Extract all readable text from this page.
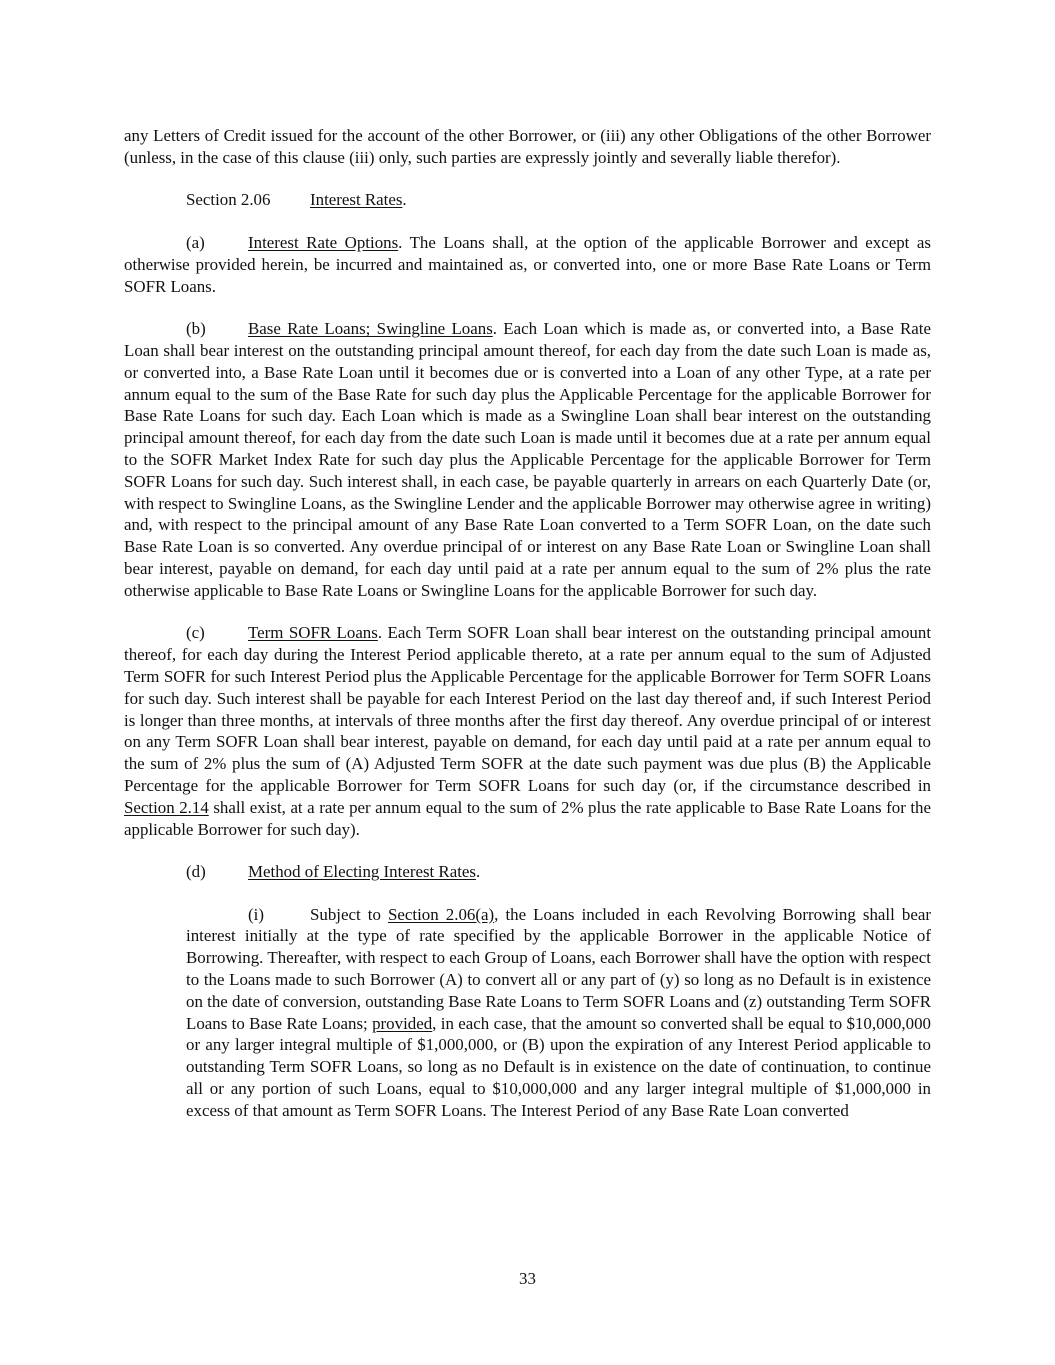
any Letters of Credit issued for the account of the other Borrower, or (iii) any other Obligations of the other Borrower (unless, in the case of this clause (iii) only, such parties are expressly jointly and severally liable therefor).

Section 2.06 Interest Rates.

(a)	Interest Rate Options. The Loans shall, at the option of the applicable Borrower and except as otherwise provided herein, be incurred and maintained as, or converted into, one or more Base Rate Loans or Term SOFR Loans.

(b)	Base Rate Loans; Swingline Loans. Each Loan which is made as, or converted into, a Base Rate Loan shall bear interest on the outstanding principal amount thereof, for each day from the date such Loan is made as, or converted into, a Base Rate Loan until it becomes due or is converted into a Loan of any other Type, at a rate per annum equal to the sum of the Base Rate for such day plus the Applicable Percentage for the applicable Borrower for Base Rate Loans for such day. Each Loan which is made as a Swingline Loan shall bear interest on the outstanding principal amount thereof, for each day from the date such Loan is made until it becomes due at a rate per annum equal to the SOFR Market Index Rate for such day plus the Applicable Percentage for the applicable Borrower for Term SOFR Loans for such day. Such interest shall, in each case, be payable quarterly in arrears on each Quarterly Date (or, with respect to Swingline Loans, as the Swingline Lender and the applicable Borrower may otherwise agree in writing) and, with respect to the principal amount of any Base Rate Loan converted to a Term SOFR Loan, on the date such Base Rate Loan is so converted. Any overdue principal of or interest on any Base Rate Loan or Swingline Loan shall bear interest, payable on demand, for each day until paid at a rate per annum equal to the sum of 2% plus the rate otherwise applicable to Base Rate Loans or Swingline Loans for the applicable Borrower for such day.

(c)	Term SOFR Loans. Each Term SOFR Loan shall bear interest on the outstanding principal amount thereof, for each day during the Interest Period applicable thereto, at a rate per annum equal to the sum of Adjusted Term SOFR for such Interest Period plus the Applicable Percentage for the applicable Borrower for Term SOFR Loans for such day. Such interest shall be payable for each Interest Period on the last day thereof and, if such Interest Period is longer than three months, at intervals of three months after the first day thereof. Any overdue principal of or interest on any Term SOFR Loan shall bear interest, payable on demand, for each day until paid at a rate per annum equal to the sum of 2% plus the sum of (A) Adjusted Term SOFR at the date such payment was due plus (B) the Applicable Percentage for the applicable Borrower for Term SOFR Loans for such day (or, if the circumstance described in Section 2.14 shall exist, at a rate per annum equal to the sum of 2% plus the rate applicable to Base Rate Loans for the applicable Borrower for such day).

(d)	Method of Electing Interest Rates.

(i)	Subject to Section 2.06(a), the Loans included in each Revolving Borrowing shall bear interest initially at the type of rate specified by the applicable Borrower in the applicable Notice of Borrowing. Thereafter, with respect to each Group of Loans, each Borrower shall have the option with respect to the Loans made to such Borrower (A) to convert all or any part of (y) so long as no Default is in existence on the date of conversion, outstanding Base Rate Loans to Term SOFR Loans and (z) outstanding Term SOFR Loans to Base Rate Loans; provided, in each case, that the amount so converted shall be equal to $10,000,000 or any larger integral multiple of $1,000,000, or (B) upon the expiration of any Interest Period applicable to outstanding Term SOFR Loans, so long as no Default is in existence on the date of continuation, to continue all or any portion of such Loans, equal to $10,000,000 and any larger integral multiple of $1,000,000 in excess of that amount as Term SOFR Loans. The Interest Period of any Base Rate Loan converted

33
